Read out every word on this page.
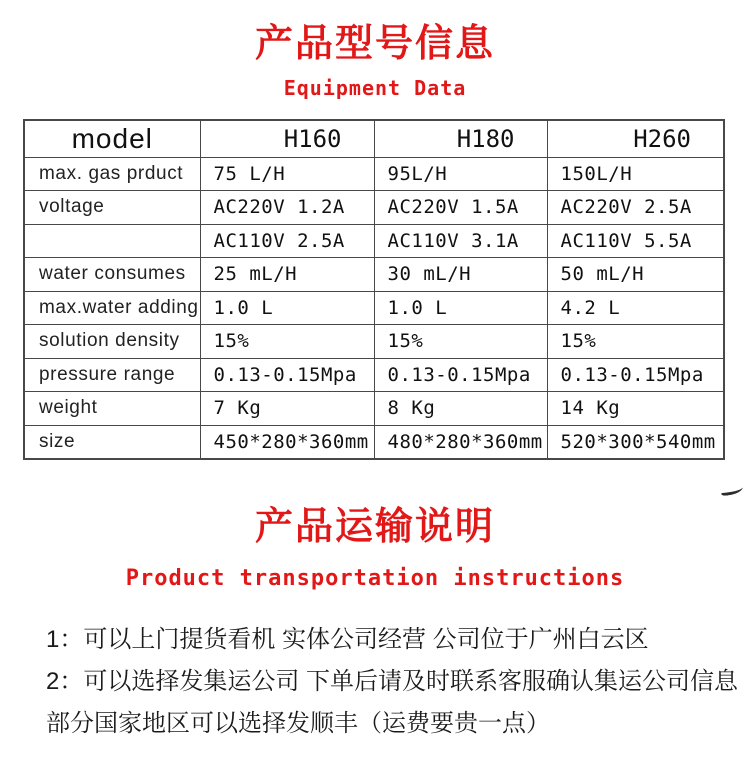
产品型号信息
Equipment Data
model	H160	H180	H260
max. gas prduct	75 L/H	95L/H	150L/H
voltage	AC220V 1.2A	AC220V 1.5A	AC220V 2.5A
	AC110V 2.5A	AC110V 3.1A	AC110V 5.5A
water consumes	25 mL/H	30 mL/H	50 mL/H
max.water adding	1.0 L	1.0 L	4.2 L
solution density	15%	15%	15%
pressure range	0.13-0.15Mpa	0.13-0.15Mpa	0.13-0.15Mpa
weight	7 Kg	8 Kg	14 Kg
size	450*280*360mm	480*280*360mm	520*300*540mm
产品运输说明
Product transportation instructions
1：可以上门提货看机 实体公司经营 公司位于广州白云区
2：可以选择发集运公司 下单后请及时联系客服确认集运公司信息
部分国家地区可以选择发顺丰（运费要贵一点）
